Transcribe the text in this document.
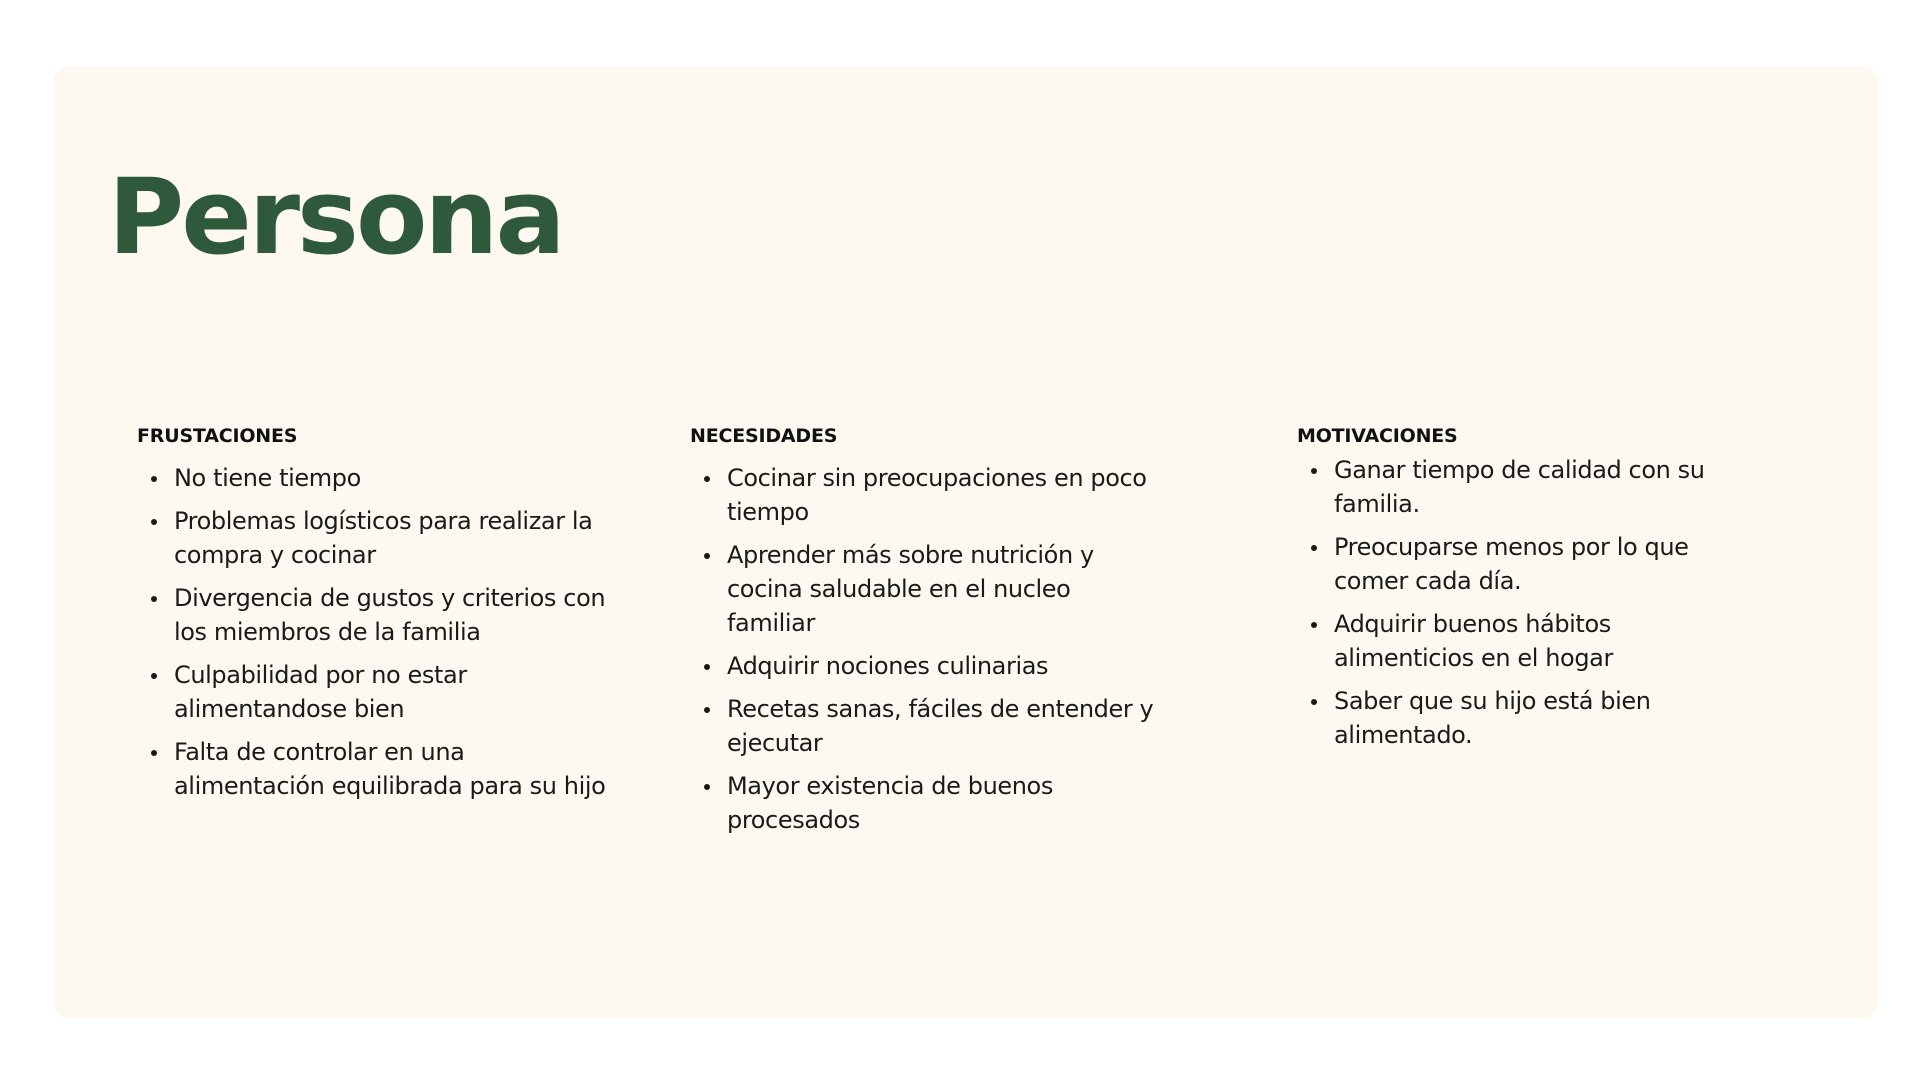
Persona
FRUSTACIONES
No tiene tiempo
Problemas logísticos para realizar la compra y cocinar
Divergencia de gustos y criterios con los miembros de la familia
Culpabilidad por no estar alimentandose bien
Falta de controlar en una alimentación equilibrada para su hijo
NECESIDADES
Cocinar sin preocupaciones en poco tiempo
Aprender más sobre nutrición y cocina saludable en el nucleo familiar
Adquirir nociones culinarias
Recetas sanas, fáciles de entender y ejecutar
Mayor existencia de buenos procesados
MOTIVACIONES
Ganar tiempo de calidad con su familia.
Preocuparse menos por lo que comer cada día.
Adquirir buenos hábitos alimenticios en el hogar
Saber que su hijo está bien alimentado.
